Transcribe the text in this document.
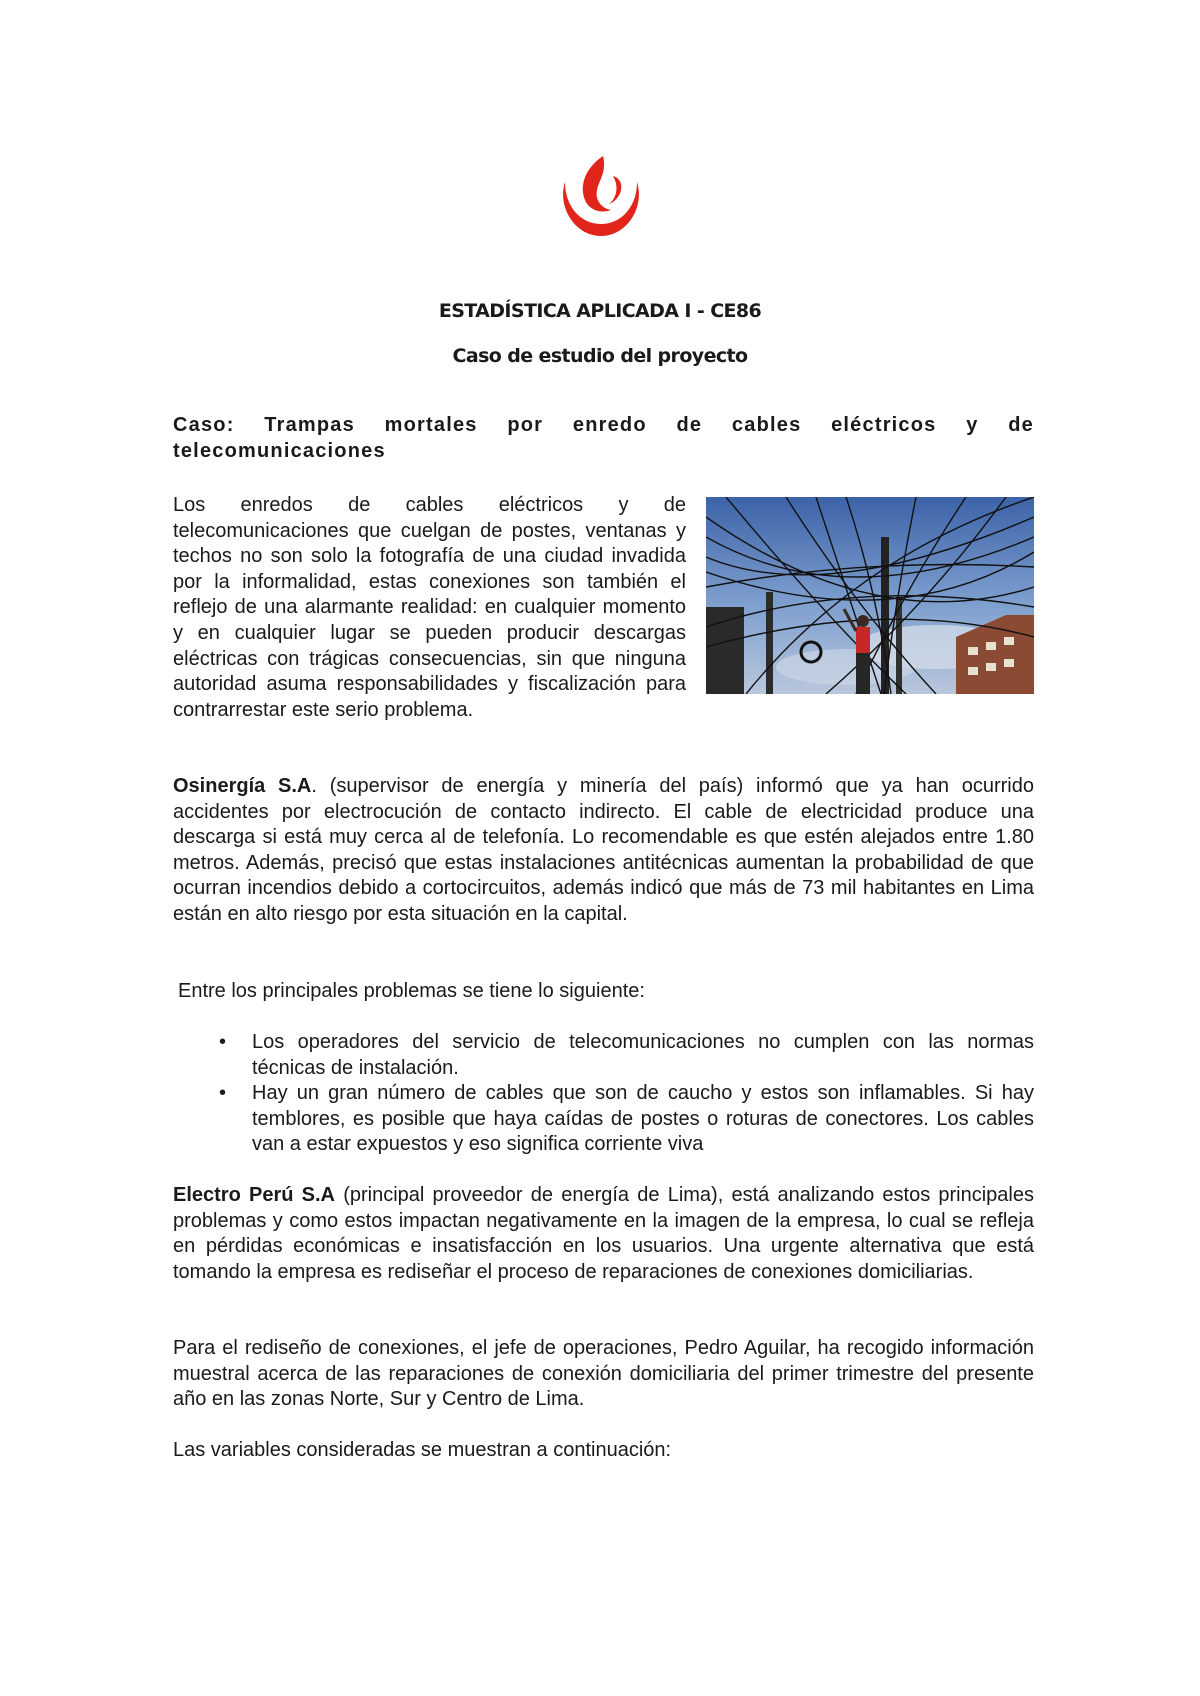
ESTADÍSTICA APLICADA I - CE86
Caso de estudio del proyecto
Caso: Trampas mortales por enredo de cables eléctricos y de telecomunicaciones
Los enredos de cables eléctricos y de telecomunicaciones que cuelgan de postes, ventanas y techos no son solo la fotografía de una ciudad invadida por la informalidad, estas conexiones son también el reflejo de una alarmante realidad: en cualquier momento y en cualquier lugar se pueden producir descargas eléctricas con trágicas consecuencias, sin que ninguna autoridad asuma responsabilidades y fiscalización para contrarrestar este serio problema.
Osinergía S.A. (supervisor de energía y minería del país) informó que ya han ocurrido accidentes por electrocución de contacto indirecto. El cable de electricidad produce una descarga si está muy cerca al de telefonía. Lo recomendable es que estén alejados entre 1.80 metros. Además, precisó que estas instalaciones antitécnicas aumentan la probabilidad de que ocurran incendios debido a cortocircuitos, además indicó que más de 73 mil habitantes en Lima están en alto riesgo por esta situación en la capital.
Entre los principales problemas se tiene lo siguiente:
• Los operadores del servicio de telecomunicaciones no cumplen con las normas técnicas de instalación.
• Hay un gran número de cables que son de caucho y estos son inflamables. Si hay temblores, es posible que haya caídas de postes o roturas de conectores. Los cables van a estar expuestos y eso significa corriente viva
Electro Perú S.A (principal proveedor de energía de Lima), está analizando estos principales problemas y como estos impactan negativamente en la imagen de la empresa, lo cual se refleja en pérdidas económicas e insatisfacción en los usuarios. Una urgente alternativa que está tomando la empresa es rediseñar el proceso de reparaciones de conexiones domiciliarias.
Para el rediseño de conexiones, el jefe de operaciones, Pedro Aguilar, ha recogido información muestral acerca de las reparaciones de conexión domiciliaria del primer trimestre del presente año en las zonas Norte, Sur y Centro de Lima.
Las variables consideradas se muestran a continuación:
